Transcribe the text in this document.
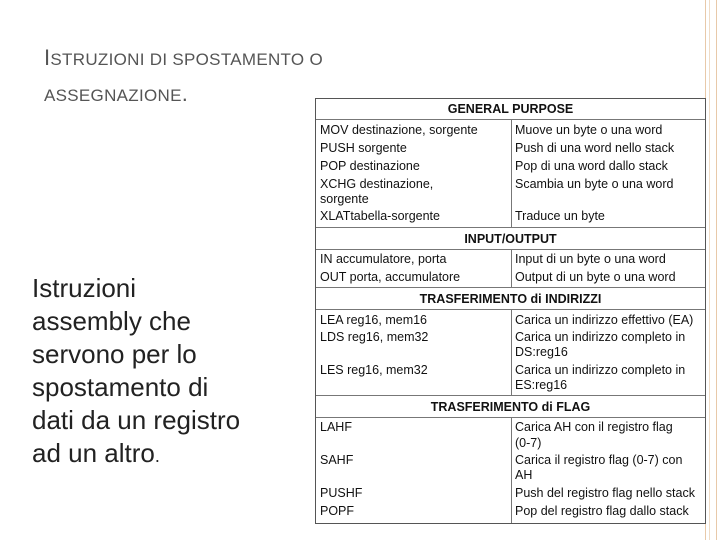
ISTRUZIONI DI SPOSTAMENTO O
ASSEGNAZIONE.
Istruzioni
assembly che
servono per lo
spostamento di
dati da un registro
ad un altro.
GENERAL PURPOSE
MOV destinazione, sorgente	Muove un byte o una word
PUSH sorgente	Push di una word nello stack
POP destinazione	Pop di una word dallo stack
XCHG destinazione,	Scambia un byte o una word
sorgente
XLATtabella-sorgente	Traduce un byte
INPUT/OUTPUT
IN accumulatore, porta	Input di un byte o una word
OUT porta, accumulatore	Output di un byte o una word
TRASFERIMENTO di INDIRIZZI
LEA reg16, mem16	Carica un indirizzo effettivo (EA)
LDS reg16, mem32	Carica un indirizzo completo in
DS:reg16
LES reg16, mem32	Carica un indirizzo completo in
ES:reg16
TRASFERIMENTO di FLAG
LAHF	Carica AH con il registro flag
(0-7)
SAHF	Carica il registro flag (0-7) con
AH
PUSHF	Push del registro flag nello stack
POPF	Pop del registro flag dallo stack
